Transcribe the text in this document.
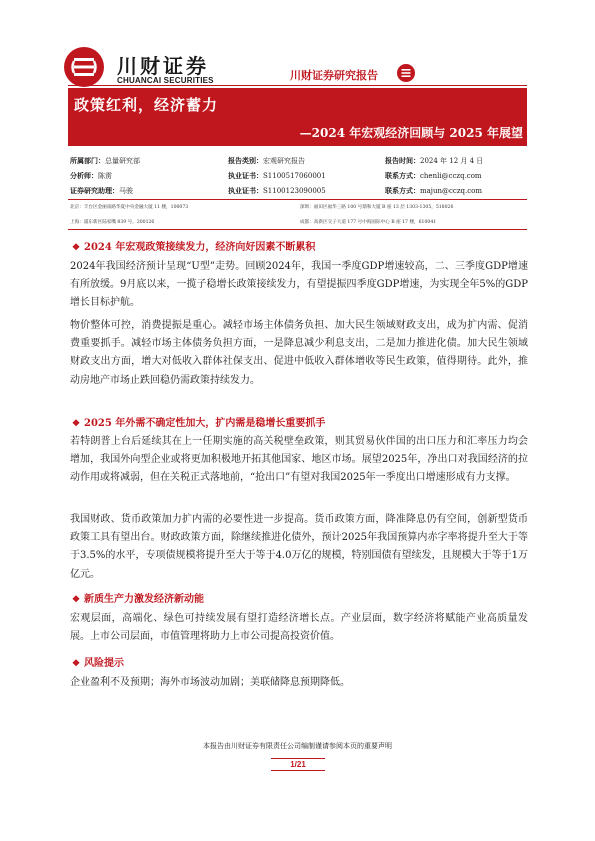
川财证券
CHUANCAI SECURITIES	川财证券研究报告
政策红利，经济蓄力
—2024 年宏观经济回顾与 2025 年展望
所属部门：总量研究部	报告类别：宏观研究报告	报告时间：2024 年 12 月 4 日
分析师：陈雳	执业证书：S1100517060001	联系方式：chenli@cczq.com
证券研究助理：马骏	执业证书：S1100123090005	联系方式：majun@cczq.com
北京：丰台区金丽南路华夏中央金融大厦 11 楼，100073	深圳：福田区福华三路 100 号鼎和大厦 B 座 13 层 1303-1305，518026
上海：浦东新区陆家嘴 839 号，200126	成都：高新区交子大道 177 号中海国际中心 B 座 17 楼，610041
❖ 2024 年宏观政策接续发力，经济向好因素不断累积
2024年我国经济预计呈现“U型”走势。回顾2024年，我国一季度GDP增速较高，二、三季度GDP增速有所放缓。9月底以来，一揽子稳增长政策接续发力，有望提振四季度GDP增速，为实现全年5%的GDP增长目标护航。
物价整体可控，消费提振是重心。减轻市场主体债务负担、加大民生领域财政支出，成为扩内需、促消费重要抓手。减轻市场主体债务负担方面，一是降息减少利息支出，二是加力推进化债。加大民生领域财政支出方面，增大对低收入群体社保支出、促进中低收入群体增收等民生政策，值得期待。此外，推动房地产市场止跌回稳仍需政策持续发力。
❖ 2025 年外需不确定性加大，扩内需是稳增长重要抓手
若特朗普上台后延续其在上一任期实施的高关税壁垒政策，则其贸易伙伴国的出口压力和汇率压力均会增加，我国外向型企业或将更加积极地开拓其他国家、地区市场。展望2025年，净出口对我国经济的拉动作用或将减弱，但在关税正式落地前，“抢出口”有望对我国2025年一季度出口增速形成有力支撑。
我国财政、货币政策加力扩内需的必要性进一步提高。货币政策方面，降准降息仍有空间，创新型货币政策工具有望出台。财政政策方面，除继续推进化债外，预计2025年我国预算内赤字率将提升至大于等于3.5%的水平，专项债规模将提升至大于等于4.0万亿的规模，特别国债有望续发，且规模大于等于1万亿元。
❖ 新质生产力激发经济新动能
宏观层面，高端化、绿色可持续发展有望打造经济增长点。产业层面，数字经济将赋能产业高质量发展。上市公司层面，市值管理将助力上市公司提高投资价值。
❖ 风险提示
企业盈利不及预期；海外市场波动加剧；美联储降息预期降低。
本报告由川财证券有限责任公司编制谨请参阅本页的重要声明
1/21
